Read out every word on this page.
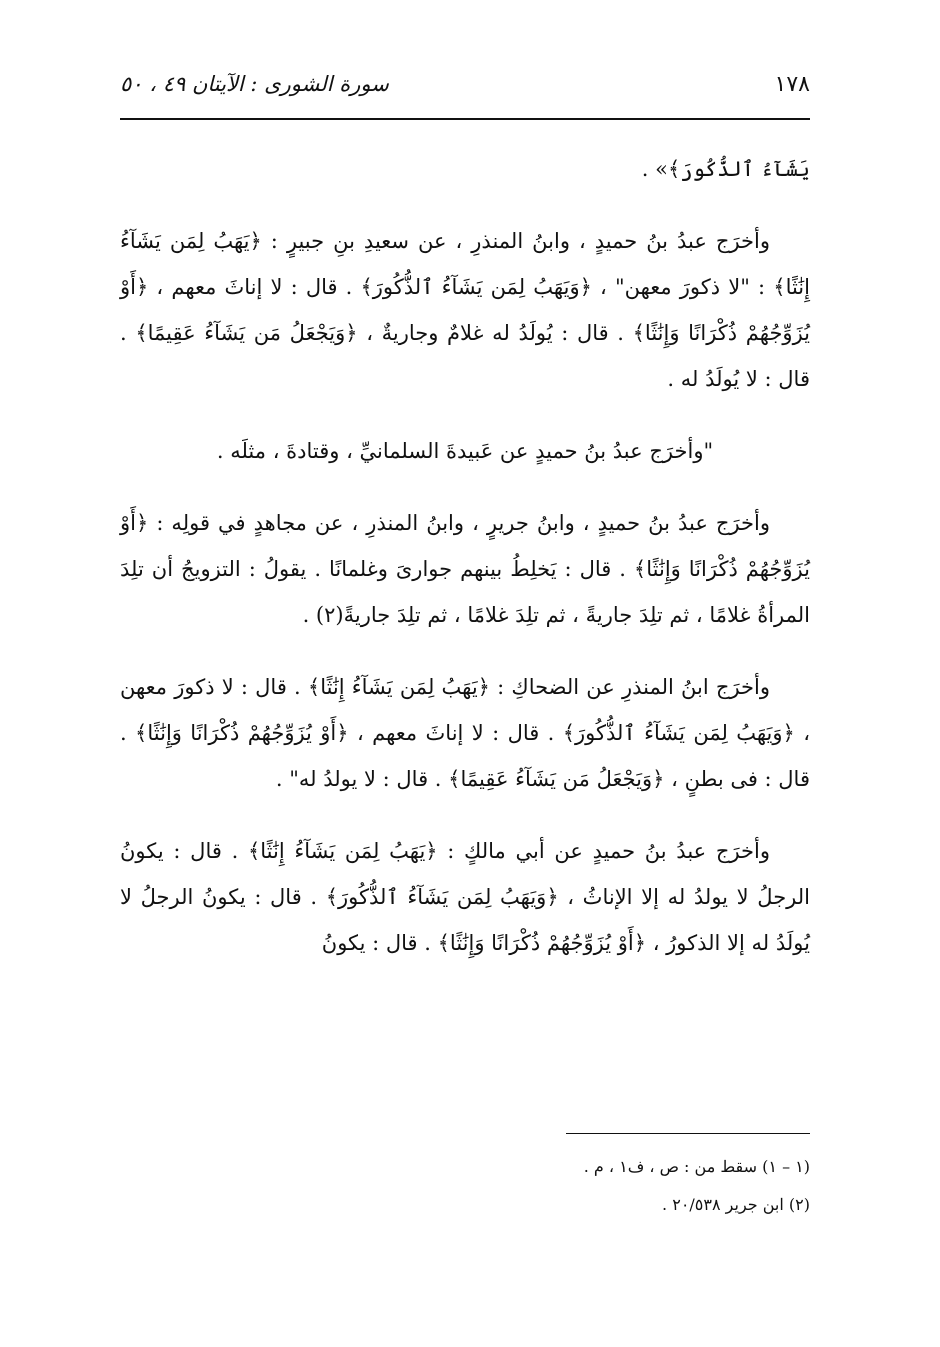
١٧٨
سورة الشورى : الآيتان ٤٩ ، ٥٠

يَشَآءُ ٱلذُّكُورَ﴾» .

وأخرَج عبدُ بنُ حميدٍ ، وابنُ المنذرِ ، عن سعيدِ بنِ جبيرٍ : ﴿يَهَبُ لِمَن يَشَآءُ إِنَٰثًا﴾ : "لا ذكورَ معهن" ، ﴿وَيَهَبُ لِمَن يَشَآءُ ٱلذُّكُورَ﴾ . قال : لا إناثَ معهم ، ﴿أَوْ يُزَوِّجُهُمْ ذُكْرَانًا وَإِنَٰثًا﴾ . قال : يُولَدُ له غلامٌ وجاريةٌ ، ﴿وَيَجْعَلُ مَن يَشَآءُ عَقِيمًا﴾ . قال : لا يُولَدُ له .

"وأخرَج عبدُ بنُ حميدٍ عن عَبيدةَ السلمانيِّ ، وقتادةَ ، مثلَه .

وأخرَج عبدُ بنُ حميدٍ ، وابنُ جريرٍ ، وابنُ المنذرِ ، عن مجاهدٍ في قولِه : ﴿أَوْ يُزَوِّجُهُمْ ذُكْرَانًا وَإِنَٰثًا﴾ . قال : يَخلِطُ بينهم جوارىَ وغلمانًا . يقولُ : التزويجُ أن تلِدَ المرأةُ غلامًا ، ثم تلِدَ جاريةً ، ثم تلِدَ غلامًا ، ثم تلِدَ جاريةً(٢) .

وأخرَج ابنُ المنذرِ عن الضحاكِ : ﴿يَهَبُ لِمَن يَشَآءُ إِنَٰثًا﴾ . قال : لا ذكورَ معهن ، ﴿وَيَهَبُ لِمَن يَشَآءُ ٱلذُّكُورَ﴾ . قال : لا إناثَ معهم ، ﴿أَوْ يُزَوِّجُهُمْ ذُكْرَانًا وَإِنَٰثًا﴾ . قال : فى بطنٍ ، ﴿وَيَجْعَلُ مَن يَشَآءُ عَقِيمًا﴾ . قال : لا يولدُ له" .

وأخرَج عبدُ بنُ حميدٍ عن أبي مالكٍ : ﴿يَهَبُ لِمَن يَشَآءُ إِنَٰثًا﴾ . قال : يكونُ الرجلُ لا يولدُ له إلا الإناثُ ، ﴿وَيَهَبُ لِمَن يَشَآءُ ٱلذُّكُورَ﴾ . قال : يكونُ الرجلُ لا يُولَدُ له إلا الذكورُ ، ﴿أَوْ يُزَوِّجُهُمْ ذُكْرَانًا وَإِنَٰثًا﴾ . قال : يكونُ

(١ – ١) سقط من : ص ، ف١ ، م .

(٢) ابن جرير ٢٠/٥٣٨ .
